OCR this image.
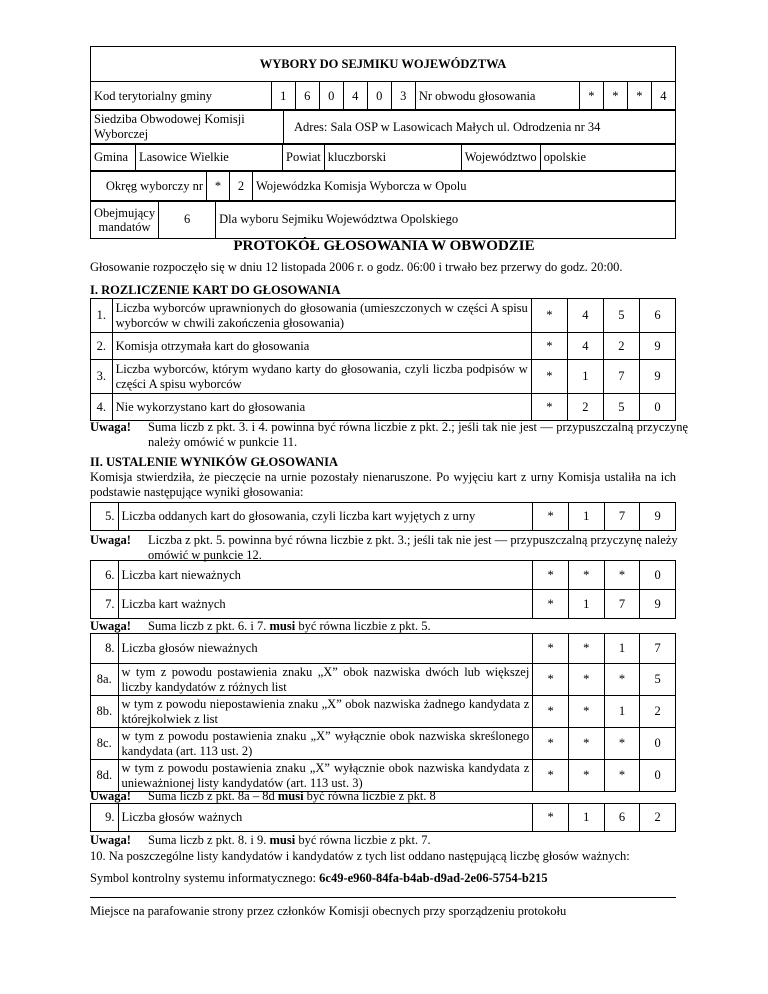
WYBORY DO SEJMIKU WOJEWÓDZTWA
Kod terytorialny gminy	1	6	0	4	0	3	Nr obwodu głosowania	*	*	*	4
Siedziba Obwodowej Komisji Wyborczej	Adres: Sala OSP w Lasowicach Małych ul. Odrodzenia nr 34
Gmina	Lasowice Wielkie	Powiat	kluczborski	Województwo	opolskie
Okręg wyborczy nr	*	2	Wojewódzka Komisja Wyborcza w Opolu
Obejmujący mandatów	6	Dla wyboru Sejmiku Województwa Opolskiego
PROTOKÓŁ GŁOSOWANIA W OBWODZIE
Głosowanie rozpoczęło się w dniu 12 listopada 2006 r. o godz. 06:00 i trwało bez przerwy do godz. 20:00.
I. ROZLICZENIE KART DO GŁOSOWANIA
1.	Liczba wyborców uprawnionych do głosowania (umieszczonych w części A spisu wyborców w chwili zakończenia głosowania)	*	4	5	6
2.	Komisja otrzymała kart do głosowania	*	4	2	9
3.	Liczba wyborców, którym wydano karty do głosowania, czyli liczba podpisów w części A spisu wyborców	*	1	7	9
4.	Nie wykorzystano kart do głosowania	*	2	5	0
Uwaga! Suma liczb z pkt. 3. i 4. powinna być równa liczbie z pkt. 2.; jeśli tak nie jest — przypuszczalną przyczynę należy omówić w punkcie 11.
II. USTALENIE WYNIKÓW GŁOSOWANIA
Komisja stwierdziła, że pieczęcie na urnie pozostały nienaruszone. Po wyjęciu kart z urny Komisja ustaliła na ich podstawie następujące wyniki głosowania:
5.	Liczba oddanych kart do głosowania, czyli liczba kart wyjętych z urny	*	1	7	9
Uwaga! Liczba z pkt. 5. powinna być równa liczbie z pkt. 3.; jeśli tak nie jest — przypuszczalną przyczynę należy omówić w punkcie 12.
6.	Liczba kart nieważnych	*	*	*	0
7.	Liczba kart ważnych	*	1	7	9
Uwaga! Suma liczb z pkt. 6. i 7. musi być równa liczbie z pkt. 5.
8.	Liczba głosów nieważnych	*	*	1	7
8a.	w tym z powodu postawienia znaku „X” obok nazwiska dwóch lub większej liczby kandydatów z różnych list	*	*	*	5
8b.	w tym z powodu niepostawienia znaku „X” obok nazwiska żadnego kandydata z którejkolwiek z list	*	*	1	2
8c.	w tym z powodu postawienia znaku „X” wyłącznie obok nazwiska skreślonego kandydata (art. 113 ust. 2)	*	*	*	0
8d.	w tym z powodu postawienia znaku „X” wyłącznie obok nazwiska kandydata z unieważnionej listy kandydatów (art. 113 ust. 3)	*	*	*	0
Uwaga! Suma liczb z pkt. 8a – 8d musi być równa liczbie z pkt. 8
9.	Liczba głosów ważnych	*	1	6	2
Uwaga! Suma liczb z pkt. 8. i 9. musi być równa liczbie z pkt. 7.
10. Na poszczególne listy kandydatów i kandydatów z tych list oddano następującą liczbę głosów ważnych:
Symbol kontrolny systemu informatycznego: 6c49-e960-84fa-b4ab-d9ad-2e06-5754-b215
Miejsce na parafowanie strony przez członków Komisji obecnych przy sporządzeniu protokołu
